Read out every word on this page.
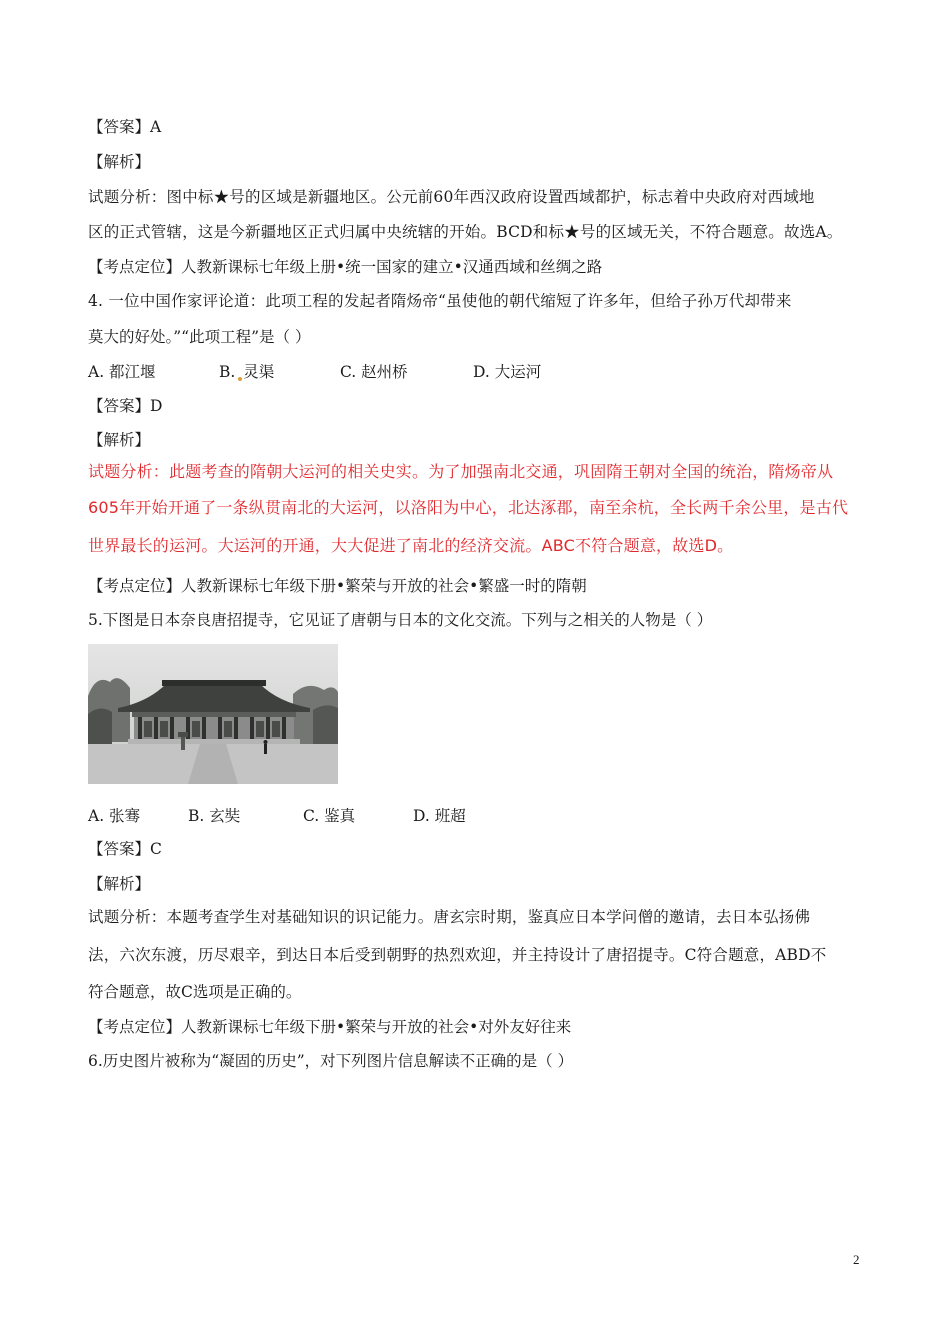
【答案】A
【解析】
试题分析：图中标★号的区域是新疆地区。公元前60年西汉政府设置西域都护，标志着中央政府对西域地
区的正式管辖，这是今新疆地区正式归属中央统辖的开始。BCD和标★号的区域无关，不符合题意。故选A。
【考点定位】人教新课标七年级上册•统一国家的建立•汉通西域和丝绸之路
4. 一位中国作家评论道：此项工程的发起者隋炀帝“虽使他的朝代缩短了许多年，但给子孙万代却带来
莫大的好处。”“此项工程”是（ ）
A. 都江堰	B. 灵渠	C. 赵州桥	D. 大运河
【答案】D
【解析】
试题分析：此题考查的隋朝大运河的相关史实。为了加强南北交通，巩固隋王朝对全国的统治，隋炀帝从
605年开始开通了一条纵贯南北的大运河，以洛阳为中心，北达涿郡，南至余杭，全长两千余公里，是古代
世界最长的运河。大运河的开通，大大促进了南北的经济交流。ABC不符合题意，故选D。
【考点定位】人教新课标七年级下册•繁荣与开放的社会•繁盛一时的隋朝
5.下图是日本奈良唐招提寺，它见证了唐朝与日本的文化交流。下列与之相关的人物是（ ）
A. 张骞	B. 玄奘	C. 鉴真	D. 班超
【答案】C
【解析】
试题分析：本题考查学生对基础知识的识记能力。唐玄宗时期，鉴真应日本学问僧的邀请，去日本弘扬佛
法，六次东渡，历尽艰辛，到达日本后受到朝野的热烈欢迎，并主持设计了唐招提寺。C符合题意，ABD不
符合题意，故C选项是正确的。
【考点定位】人教新课标七年级下册•繁荣与开放的社会•对外友好往来
6.历史图片被称为“凝固的历史”，对下列图片信息解读不正确的是（ ）
2
